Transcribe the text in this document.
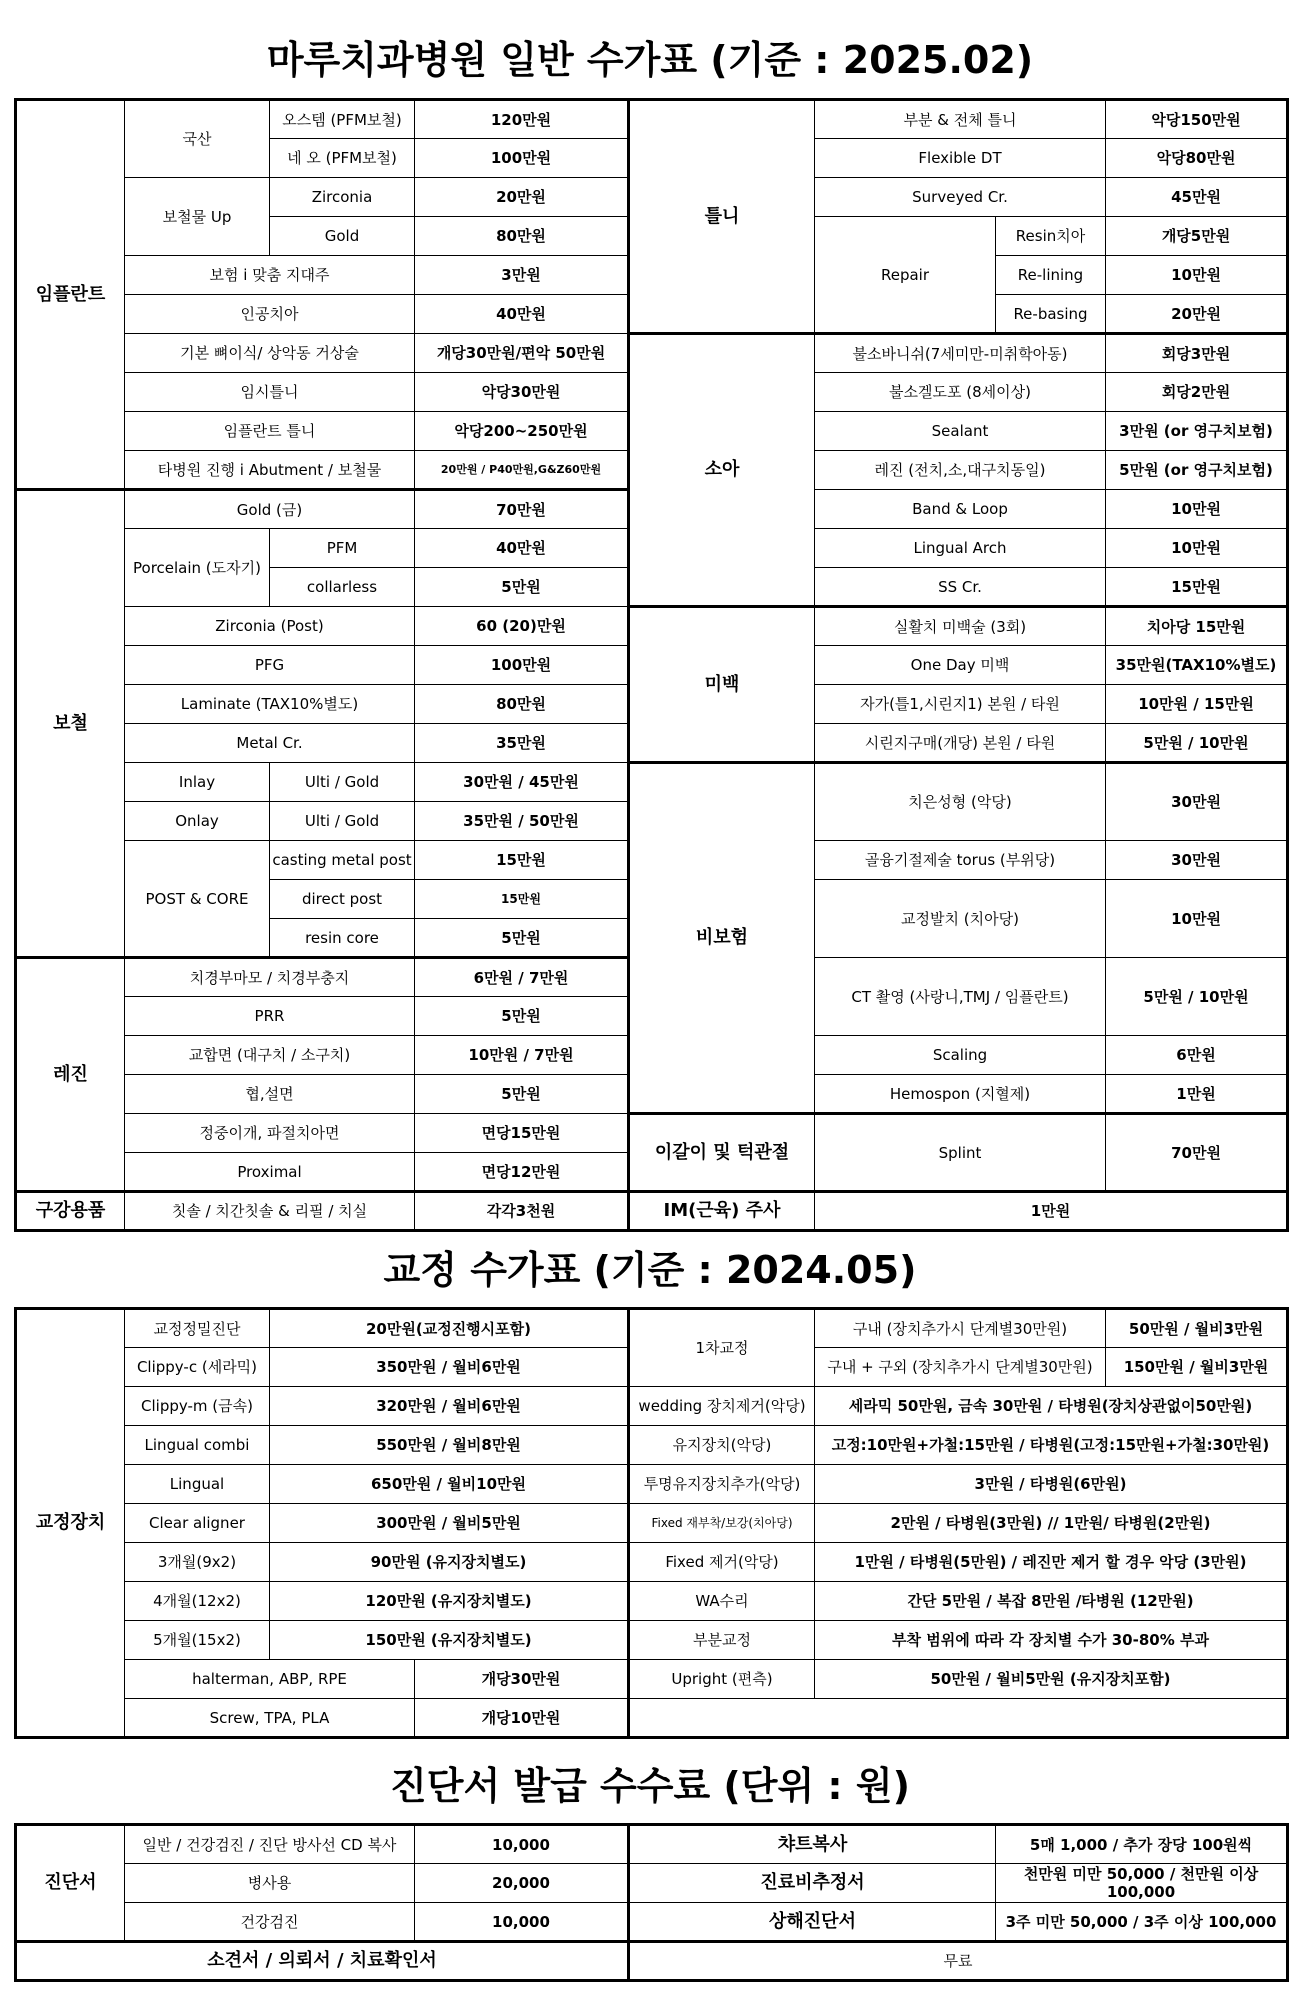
마루치과병원 일반 수가표 (기준 : 2025.02)
임플란트	국산	오스템 (PFM보철)	120만원	틀니	부분 & 전체 틀니		악당150만원
		네 오 (PFM보철)	100만원		Flexible DT		악당80만원
	보철물 Up	Zirconia	20만원		Surveyed Cr.		45만원
		Gold	80만원		Repair	Resin치아	개당5만원
	보험 i 맞춤 지대주		3만원			Re-lining	10만원
	인공치아		40만원			Re-basing	20만원
	기본 뼈이식/ 상악동 거상술		개당30만원/편악 50만원	소아	불소바니쉬(7세미만-미취학아동)		회당3만원
	임시틀니		악당30만원		불소겔도포 (8세이상)		회당2만원
	임플란트 틀니		악당200~250만원		Sealant		3만원 (or 영구치보험)
	타병원 진행 i Abutment / 보철물		20만원 / P40만원,G&Z60만원		레진 (전치,소,대구치동일)		5만원 (or 영구치보험)
보철	Gold (금)		70만원		Band & Loop		10만원
	Porcelain (도자기)	PFM	40만원		Lingual Arch		10만원
		collarless	5만원		SS Cr.		15만원
	Zirconia (Post)		60 (20)만원	미백	실활치 미백술 (3회)		치아당 15만원
	PFG		100만원		One Day 미백		35만원(TAX10%별도)
	Laminate (TAX10%별도)		80만원		자가(틀1,시린지1) 본원 / 타원		10만원 / 15만원
	Metal Cr.		35만원		시린지구매(개당) 본원 / 타원		5만원 / 10만원
	Inlay	Ulti / Gold	30만원 / 45만원	비보험	치은성형 (악당)		30만원
	Onlay	Ulti / Gold	35만원 / 50만원				
	POST & CORE	casting metal post	15만원		골융기절제술 torus (부위당)		30만원
		direct post	15만원		교정발치 (치아당)		10만원
		resin core	5만원				
레진	치경부마모 / 치경부충지		6만원 / 7만원		CT 촬영 (사랑니,TMJ / 임플란트)		5만원 / 10만원
	PRR		5만원				
	교합면 (대구치 / 소구치)		10만원 / 7만원		Scaling		6만원
	협,설면		5만원		Hemospon (지혈제)		1만원
	정중이개, 파절치아면		면당15만원	이갈이 및 턱관절	Splint		70만원
	Proximal		면당12만원				
구강용품	칫솔 / 치간칫솔 & 리필 / 치실		각각3천원	IM(근육) 주사	1만원		
교정 수가표 (기준 : 2024.05)
교정장치	교정정밀진단	20만원(교정진행시포함)		1차교정	구내 (장치추가시 단계별30만원)	50만원 / 월비3만원
	Clippy-c (세라믹)	350만원 / 월비6만원			구내 + 구외 (장치추가시 단계별30만원)	150만원 / 월비3만원
	Clippy-m (금속)	320만원 / 월비6만원		wedding 장치제거(악당)	세라믹 50만원, 금속 30만원 / 타병원(장치상관없이50만원)	
	Lingual combi	550만원 / 월비8만원		유지장치(악당)	고정:10만원+가철:15만원 / 타병원(고정:15만원+가철:30만원)	
	Lingual	650만원 / 월비10만원		투명유지장치추가(악당)	3만원 / 타병원(6만원)	
	Clear aligner	300만원 / 월비5만원		Fixed 재부착/보강(치아당)	2만원 / 타병원(3만원) // 1만원/ 타병원(2만원)	
	3개월(9x2)	90만원 (유지장치별도)		Fixed 제거(악당)	1만원 / 타병원(5만원) / 레진만 제거 할 경우 악당 (3만원)	
	4개월(12x2)	120만원 (유지장치별도)		WA수리	간단 5만원 / 복잡 8만원 /타병원 (12만원)	
	5개월(15x2)	150만원 (유지장치별도)		부분교정	부착 범위에 따라 각 장치별 수가 30-80% 부과	
	halterman, ABP, RPE		개당30만원	Upright (편측)	50만원 / 월비5만원 (유지장치포함)	
	Screw, TPA, PLA		개당10만원			
진단서 발급 수수료 (단위 : 원)
진단서	일반 / 건강검진 / 진단 방사선 CD 복사	10,000	챠트복사	5매 1,000 / 추가 장당 100원씩
	병사용	20,000	진료비추정서	천만원 미만 50,000 / 천만원 이상 100,000
	건강검진	10,000	상해진단서	3주 미만 50,000 / 3주 이상 100,000
소견서 / 의뢰서 / 치료확인서			무료	
